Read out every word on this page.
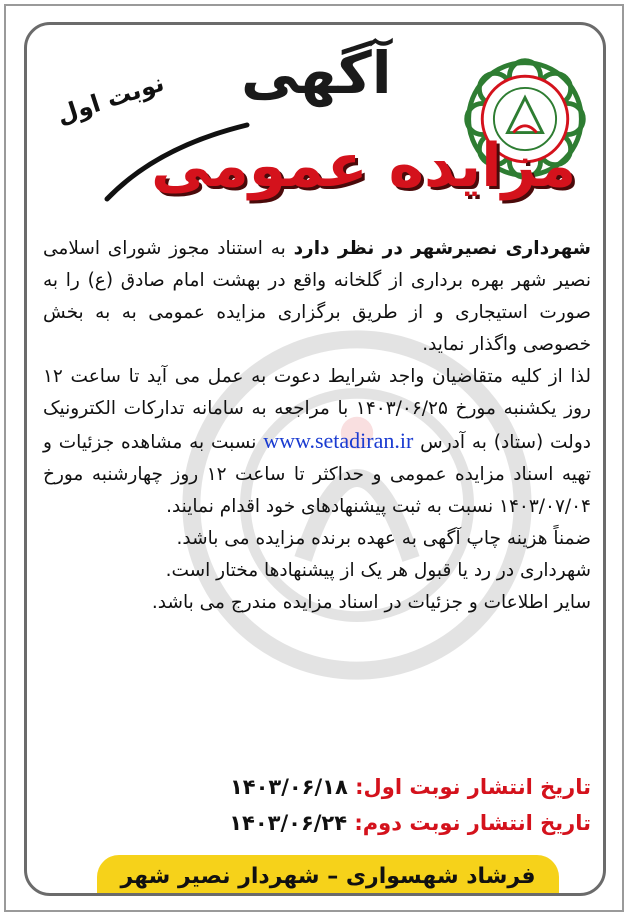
آگهی
مزایده عمومی
نوبت اول

شهرداری نصیرشهر در نظر دارد به استناد مجوز شورای اسلامی نصیر شهر بهره برداری از گلخانه واقع در بهشت امام صادق (ع) را به صورت استیجاری و از طریق برگزاری مزایده عمومی به به بخش خصوصی واگذار نماید.

لذا از کلیه متقاضیان واجد شرایط دعوت به عمل می آید تا ساعت ۱۲ روز یکشنبه مورخ ۱۴۰۳/۰۶/۲۵ با مراجعه به سامانه تدارکات الکترونیک دولت (ستاد) به آدرس www.setadiran.ir نسبت به مشاهده جزئیات و تهیه اسناد مزایده عمومی و حداکثر تا ساعت ۱۲ روز چهارشنبه مورخ ۱۴۰۳/۰۷/۰۴ نسبت به ثبت پیشنهادهای خود اقدام نمایند.

ضمناً هزینه چاپ آگهی به عهده برنده مزایده می باشد.

شهرداری در رد یا قبول هر یک از پیشنهادها مختار است.

سایر اطلاعات و جزئیات در اسناد مزایده مندرج می باشد.

تاریخ انتشار نوبت اول: ۱۴۰۳/۰۶/۱۸
تاریخ انتشار نوبت دوم: ۱۴۰۳/۰۶/۲۴
فرشاد شهسواری – شهردار نصیر شهر
